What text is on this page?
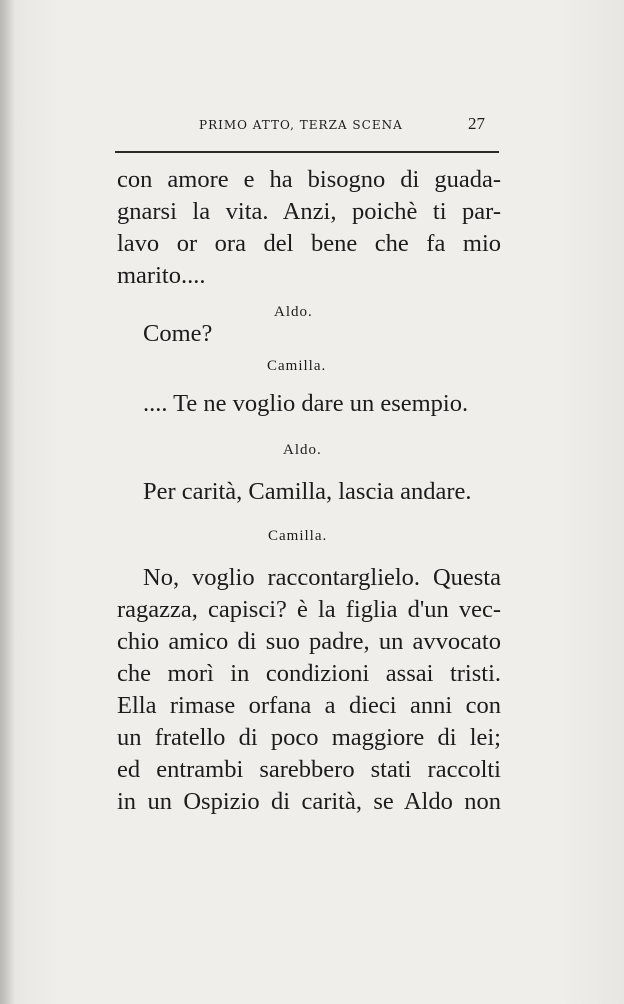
PRIMO ATTO, TERZA SCENA	27
con amore e ha bisogno di guada-
gnarsi la vita. Anzi, poichè ti par-
lavo or ora del bene che fa mio
marito....
Aldo.
Come?
Camilla.
.... Te ne voglio dare un esempio.
Aldo.
Per carità, Camilla, lascia andare.
Camilla.
No, voglio raccontarglielo. Questa
ragazza, capisci? è la figlia d'un vec-
chio amico di suo padre, un avvocato
che morì in condizioni assai tristi.
Ella rimase orfana a dieci anni con
un fratello di poco maggiore di lei;
ed entrambi sarebbero stati raccolti
in un Ospizio di carità, se Aldo non
